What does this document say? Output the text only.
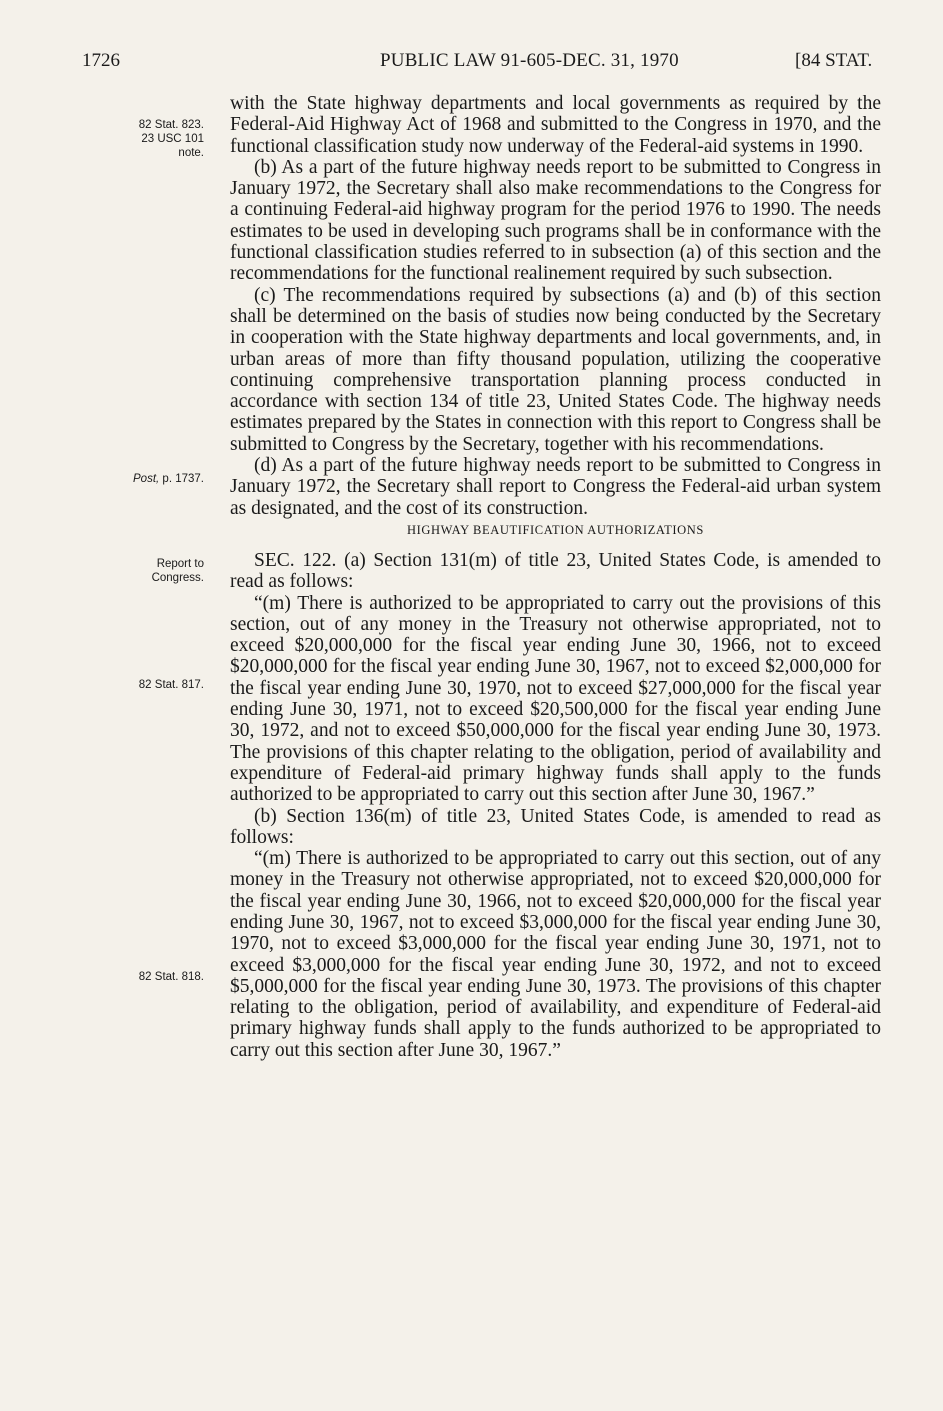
1726	PUBLIC LAW 91-605-DEC. 31, 1970	[84 STAT.
82 Stat. 823.
23 USC 101
note.
Post, p. 1737.
Report to
Congress.
82 Stat. 817.
82 Stat. 818.

with the State highway departments and local governments as required by the Federal-Aid Highway Act of 1968 and submitted to the Congress in 1970, and the functional classification study now underway of the Federal-aid systems in 1990.

(b) As a part of the future highway needs report to be submitted to Congress in January 1972, the Secretary shall also make recommendations to the Congress for a continuing Federal-aid highway program for the period 1976 to 1990. The needs estimates to be used in developing such programs shall be in conformance with the functional classification studies referred to in subsection (a) of this section and the recommendations for the functional realinement required by such subsection.

(c) The recommendations required by subsections (a) and (b) of this section shall be determined on the basis of studies now being conducted by the Secretary in cooperation with the State highway departments and local governments, and, in urban areas of more than fifty thousand population, utilizing the cooperative continuing comprehensive transportation planning process conducted in accordance with section 134 of title 23, United States Code. The highway needs estimates prepared by the States in connection with this report to Congress shall be submitted to Congress by the Secretary, together with his recommendations.

(d) As a part of the future highway needs report to be submitted to Congress in January 1972, the Secretary shall report to Congress the Federal-aid urban system as designated, and the cost of its construction.

HIGHWAY BEAUTIFICATION AUTHORIZATIONS

SEC. 122. (a) Section 131(m) of title 23, United States Code, is amended to read as follows:

“(m) There is authorized to be appropriated to carry out the provisions of this section, out of any money in the Treasury not otherwise appropriated, not to exceed $20,000,000 for the fiscal year ending June 30, 1966, not to exceed $20,000,000 for the fiscal year ending June 30, 1967, not to exceed $2,000,000 for the fiscal year ending June 30, 1970, not to exceed $27,000,000 for the fiscal year ending June 30, 1971, not to exceed $20,500,000 for the fiscal year ending June 30, 1972, and not to exceed $50,000,000 for the fiscal year ending June 30, 1973. The provisions of this chapter relating to the obligation, period of availability and expenditure of Federal-aid primary highway funds shall apply to the funds authorized to be appropriated to carry out this section after June 30, 1967.”

(b) Section 136(m) of title 23, United States Code, is amended to read as follows:

“(m) There is authorized to be appropriated to carry out this section, out of any money in the Treasury not otherwise appropriated, not to exceed $20,000,000 for the fiscal year ending June 30, 1966, not to exceed $20,000,000 for the fiscal year ending June 30, 1967, not to exceed $3,000,000 for the fiscal year ending June 30, 1970, not to exceed $3,000,000 for the fiscal year ending June 30, 1971, not to exceed $3,000,000 for the fiscal year ending June 30, 1972, and not to exceed $5,000,000 for the fiscal year ending June 30, 1973. The provisions of this chapter relating to the obligation, period of availability, and expenditure of Federal-aid primary highway funds shall apply to the funds authorized to be appropriated to carry out this section after June 30, 1967.”
